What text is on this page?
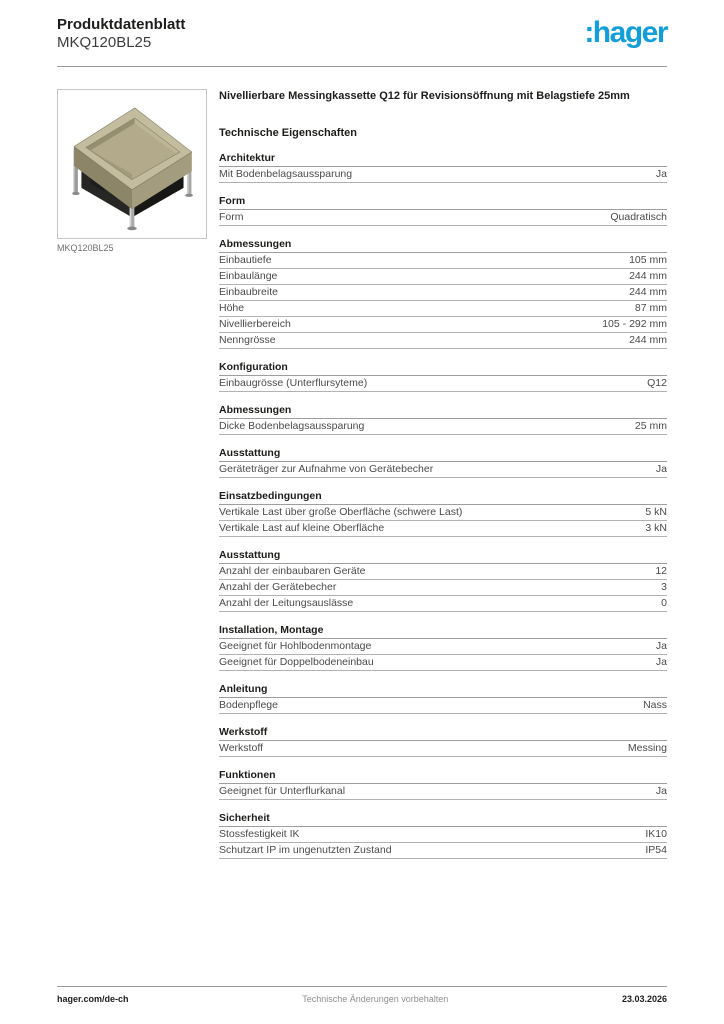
Produktdatenblatt
MKQ120BL25	:hager
MKQ120BL25
Nivellierbare Messingkassette Q12 für Revisionsöffnung mit Belagstiefe 25mm
Technische Eigenschaften
Architektur
Mit Bodenbelagsaussparung	Ja
Form
Form	Quadratisch
Abmessungen
Einbautiefe	105 mm
Einbaulänge	244 mm
Einbaubreite	244 mm
Höhe	87 mm
Nivellierbereich	105 - 292 mm
Nenngrösse	244 mm
Konfiguration
Einbaugrösse (Unterflursyteme)	Q12
Abmessungen
Dicke Bodenbelagsaussparung	25 mm
Ausstattung
Geräteträger zur Aufnahme von Gerätebecher	Ja
Einsatzbedingungen
Vertikale Last über große Oberfläche (schwere Last)	5 kN
Vertikale Last auf kleine Oberfläche	3 kN
Ausstattung
Anzahl der einbaubaren Geräte	12
Anzahl der Gerätebecher	3
Anzahl der Leitungsauslässe	0
Installation, Montage
Geeignet für Hohlbodenmontage	Ja
Geeignet für Doppelbodeneinbau	Ja
Anleitung
Bodenpflege	Nass
Werkstoff
Werkstoff	Messing
Funktionen
Geeignet für Unterflurkanal	Ja
Sicherheit
Stossfestigkeit IK	IK10
Schutzart IP im ungenutzten Zustand	IP54
hager.com/de-ch	Technische Änderungen vorbehalten	23.03.2026
